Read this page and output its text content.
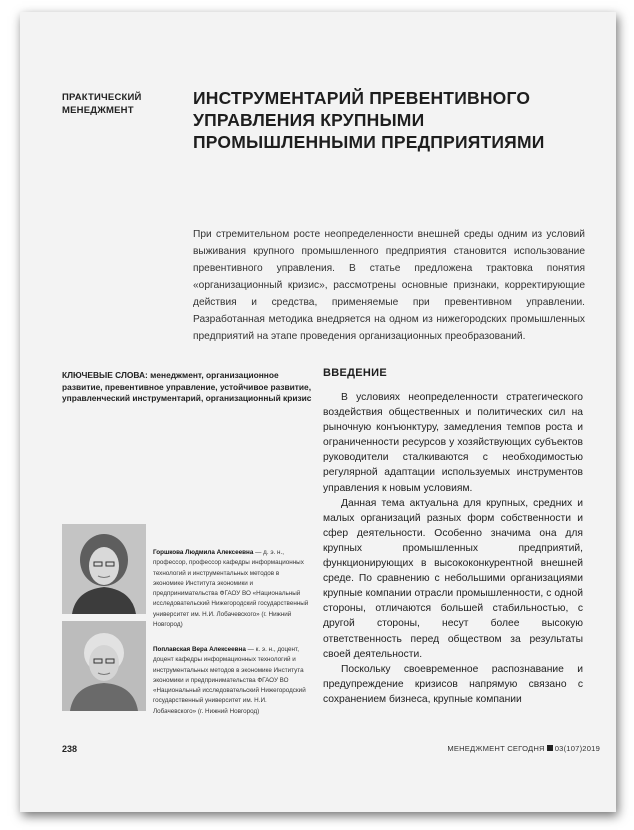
ПРАКТИЧЕСКИЙ МЕНЕДЖМЕНТ
ИНСТРУМЕНТАРИЙ ПРЕВЕНТИВНОГО УПРАВЛЕНИЯ КРУПНЫМИ ПРОМЫШЛЕННЫМИ ПРЕДПРИЯТИЯМИ
При стремительном росте неопределенности внешней среды одним из условий выживания крупного промышленного предприятия становится использование превентивного управления. В статье предложена трактовка понятия «организационный кризис», рассмотрены основные признаки, корректирующие действия и средства, применяемые при превентивном управлении. Разработанная методика внедряется на одном из нижегородских промышленных предприятий на этапе проведения организационных преобразований.
КЛЮЧЕВЫЕ СЛОВА: менеджмент, организационное развитие, превентивное управление, устойчивое развитие, управленческий инструментарий, организационный кризис
ВВЕДЕНИЕ

В условиях неопределенности стратегического воздействия общественных и политических сил на рыночную конъюнктуру, замедления темпов роста и ограниченности ресурсов у хозяйствующих субъектов руководители сталкиваются с необходимостью регулярной адаптации используемых инструментов управления к новым условиям.

Данная тема актуальна для крупных, средних и малых организаций разных форм собственности и сфер деятельности. Особенно значима она для крупных промышленных предприятий, функционирующих в высококонкурентной внешней среде. По сравнению с небольшими организациями крупные компании отрасли промышленности, с одной стороны, отличаются большей стабильностью, с другой стороны, несут более высокую ответственность перед обществом за результаты своей деятельности.

Поскольку своевременное распознавание и предупреждение кризисов напрямую связано с сохранением бизнеса, крупные компании

Горшкова Людмила Алексеевна — д. э. н., профессор, профессор кафедры информационных технологий и инструментальных методов в экономике Института экономики и предпринимательства ФГАОУ ВО «Национальный исследовательский Нижегородский государственный университет им. Н.И. Лобачевского» (г. Нижний Новгород)
Поплавская Вера Алексеевна — к. э. н., доцент, доцент кафедры информационных технологий и инструментальных методов в экономике Института экономики и предпринимательства ФГАОУ ВО «Национальный исследовательский Нижегородский государственный университет им. Н.И. Лобачевского» (г. Нижний Новгород)
238	МЕНЕДЖМЕНТ СЕГОДНЯ 03(107)2019
